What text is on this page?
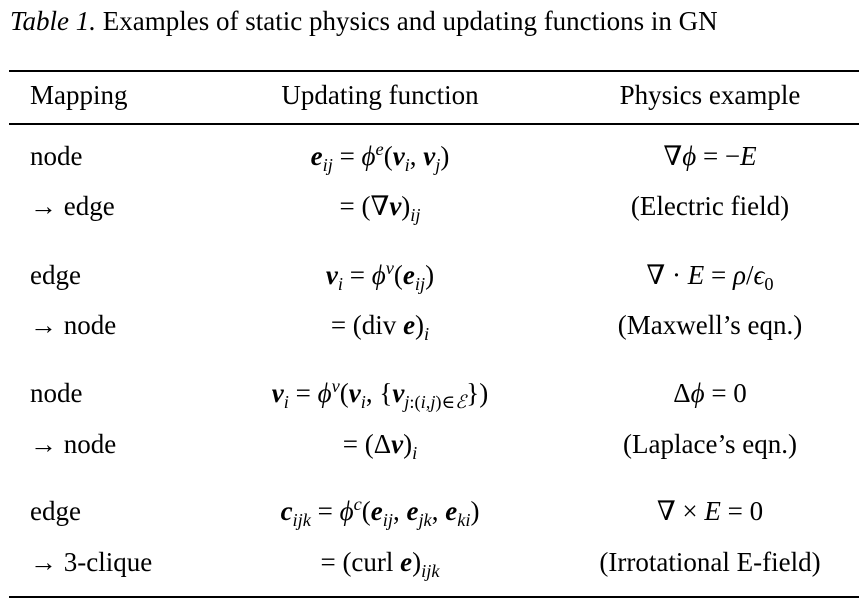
Table 1. Examples of static physics and updating functions in GN
Mapping	Updating function	Physics example
node
→ edge
$e_{ij} = \phi^e(v_i$, $v_j$)
= $(\nabla v)_{ij}$
∇ϕ = −E
(Electric field)
edge
→ node
$v_i = \phi^v(e_{ij})$
= (div $e)_i$
∇ · $E = \rho/\epsilon_0$
(Maxwell’s eqn.)
node
→ node
$v_i = \phi^v(v_i$, $\{v_{j:(i,j)\in ℰ}\}$)
= $(\Delta v)_i$
Δϕ = 0
(Laplace’s eqn.)
edge
→ 3-clique
$c_{ijk} = \phi^c(e_{ij}$, $e_{jk}$, $e_{ki}$)
= (curl $e)_{ijk}$
∇ × E = 0
(Irrotational E-field)
